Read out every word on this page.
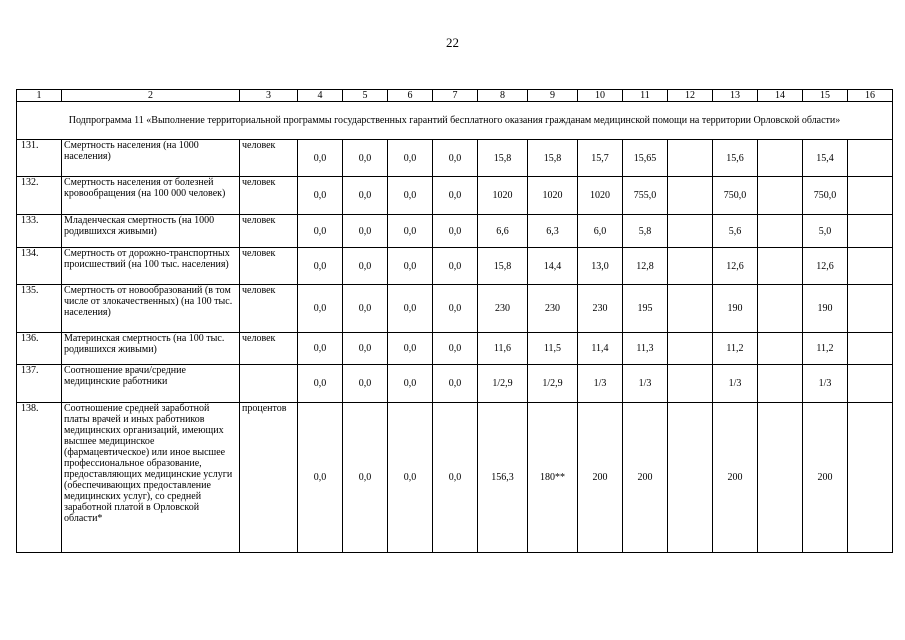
22
1	2	3	4	5	6	7	8	9	10	11	12	13	14	15	16
Подпрограмма 11 «Выполнение территориальной программы государственных гарантий бесплатного оказания гражданам медицинской помощи на территории Орловской области»															
131.	Смертность населения (на 1000 населения)	человек	0,0	0,0	0,0	0,0	15,8	15,8	15,7	15,65		15,6		15,4	
132.	Смертность населения от болезней кровообращения (на 100 000 человек)	человек	0,0	0,0	0,0	0,0	1020	1020	1020	755,0		750,0		750,0	
133.	Младенческая смертность (на 1000 родившихся живыми)	человек	0,0	0,0	0,0	0,0	6,6	6,3	6,0	5,8		5,6		5,0	
134.	Смертность от дорожно-транспортных происшествий (на 100 тыс. населения)	человек	0,0	0,0	0,0	0,0	15,8	14,4	13,0	12,8		12,6		12,6	
135.	Смертность от новообразований (в том числе от злокачественных) (на 100 тыс. населения)	человек	0,0	0,0	0,0	0,0	230	230	230	195		190		190	
136.	Материнская смертность (на 100 тыс. родившихся живыми)	человек	0,0	0,0	0,0	0,0	11,6	11,5	11,4	11,3		11,2		11,2	
137.	Соотношение врачи/средние медицинские работники		0,0	0,0	0,0	0,0	1/2,9	1/2,9	1/3	1/3		1/3		1/3	
138.	Соотношение средней заработной платы врачей и иных работников медицинских организаций, имеющих высшее медицинское (фармацевтическое) или иное высшее профессиональное образование, предоставляющих медицинские услуги (обеспечивающих предоставление медицинских услуг), со средней заработной платой в Орловской области*	процентов	0,0	0,0	0,0	0,0	156,3	180**	200	200		200		200	
